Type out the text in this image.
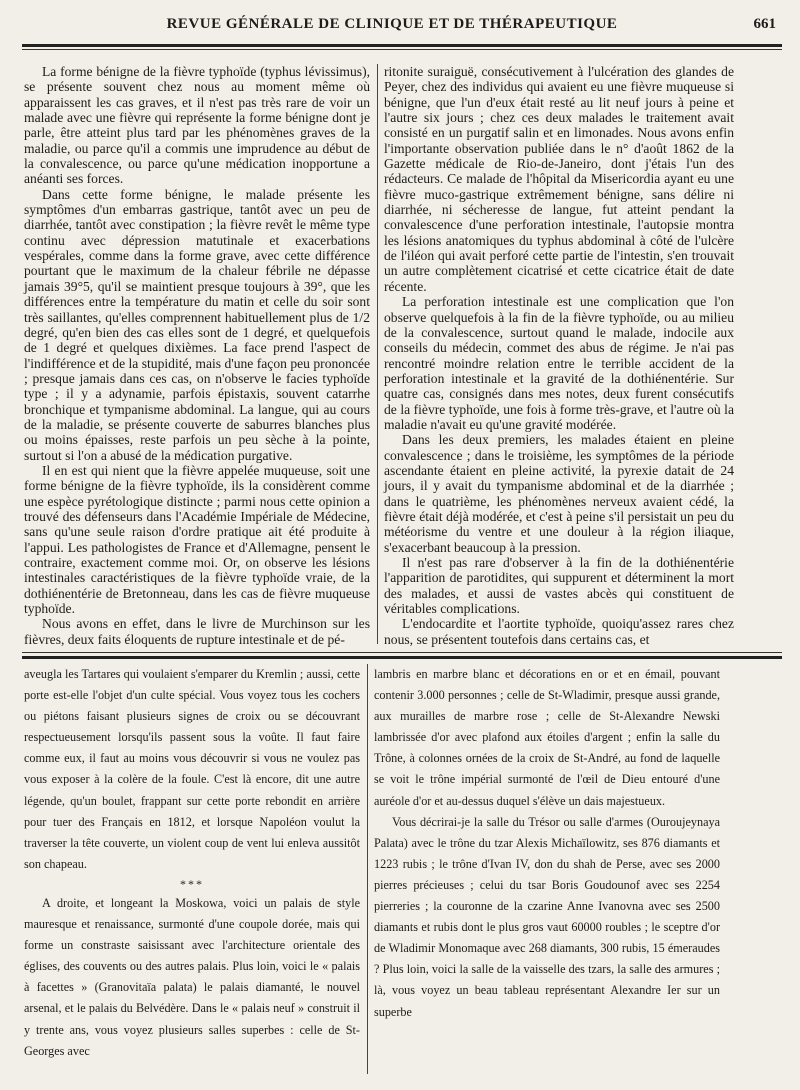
REVUE GÉNÉRALE DE CLINIQUE ET DE THÉRAPEUTIQUE	661

La forme bénigne de la fièvre typhoïde (typhus lévissimus), se présente souvent chez nous au moment même où apparaissent les cas graves, et il n'est pas très rare de voir un malade avec une fièvre qui représente la forme bénigne dont je parle, être atteint plus tard par les phénomènes graves de la maladie, ou parce qu'il a commis une imprudence au début de la convalescence, ou parce qu'une médication inopportune a anéanti ses forces.

Dans cette forme bénigne, le malade présente les symptômes d'un embarras gastrique, tantôt avec un peu de diarrhée, tantôt avec constipation ; la fièvre revêt le même type continu avec dépression matutinale et exacerbations vespérales, comme dans la forme grave, avec cette différence pourtant que le maximum de la chaleur fébrile ne dépasse jamais 39°5, qu'il se maintient presque toujours à 39°, que les différences entre la température du matin et celle du soir sont très saillantes, qu'elles comprennent habituellement plus de 1/2 degré, qu'en bien des cas elles sont de 1 degré, et quelquefois de 1 degré et quelques dixièmes. La face prend l'aspect de l'indifférence et de la stupidité, mais d'une façon peu prononcée ; presque jamais dans ces cas, on n'observe le facies typhoïde type ; il y a adynamie, parfois épistaxis, souvent catarrhe bronchique et tympanisme abdominal. La langue, qui au cours de la maladie, se présente couverte de saburres blanches plus ou moins épaisses, reste parfois un peu sèche à la pointe, surtout si l'on a abusé de la médication purgative.

Il en est qui nient que la fièvre appelée muqueuse, soit une forme bénigne de la fièvre typhoïde, ils la considèrent comme une espèce pyrétologique distincte ; parmi nous cette opinion a trouvé des défenseurs dans l'Académie Impériale de Médecine, sans qu'une seule raison d'ordre pratique ait été produite à l'appui. Les pathologistes de France et d'Allemagne, pensent le contraire, exactement comme moi. Or, on observe les lésions intestinales caractéristiques de la fièvre typhoïde vraie, de la dothiénentérie de Bretonneau, dans les cas de fièvre muqueuse typhoïde.

Nous avons en effet, dans le livre de Murchinson sur les fièvres, deux faits éloquents de rupture intestinale et de pé-

ritonite suraiguë, consécutivement à l'ulcération des glandes de Peyer, chez des individus qui avaient eu une fièvre muqueuse si bénigne, que l'un d'eux était resté au lit neuf jours à peine et l'autre six jours ; chez ces deux malades le traitement avait consisté en un purgatif salin et en limonades. Nous avons enfin l'importante observation publiée dans le n° d'août 1862 de la Gazette médicale de Rio-de-Janeiro, dont j'étais l'un des rédacteurs. Ce malade de l'hôpital da Misericordia ayant eu une fièvre muco-gastrique extrêmement bénigne, sans délire ni diarrhée, ni sécheresse de langue, fut atteint pendant la convalescence d'une perforation intestinale, l'autopsie montra les lésions anatomiques du typhus abdominal à côté de l'ulcère de l'iléon qui avait perforé cette partie de l'intestin, s'en trouvait un autre complètement cicatrisé et cette cicatrice était de date récente.

La perforation intestinale est une complication que l'on observe quelquefois à la fin de la fièvre typhoïde, ou au milieu de la convalescence, surtout quand le malade, indocile aux conseils du médecin, commet des abus de régime. Je n'ai pas rencontré moindre relation entre le terrible accident de la perforation intestinale et la gravité de la dothiénentérie. Sur quatre cas, consignés dans mes notes, deux furent consécutifs de la fièvre typhoïde, une fois à forme très-grave, et l'autre où la maladie n'avait eu qu'une gravité modérée.

Dans les deux premiers, les malades étaient en pleine convalescence ; dans le troisième, les symptômes de la période ascendante étaient en pleine activité, la pyrexie datait de 24 jours, il y avait du tympanisme abdominal et de la diarrhée ; dans le quatrième, les phénomènes nerveux avaient cédé, la fièvre était déjà modérée, et c'est à peine s'il persistait un peu du météorisme du ventre et une douleur à la région iliaque, s'exacerbant beaucoup à la pression.

Il n'est pas rare d'observer à la fin de la dothiénentérie l'apparition de parotidites, qui suppurent et déterminent la mort des malades, et aussi de vastes abcès qui constituent de véritables complications.

L'endocardite et l'aortite typhoïde, quoiqu'assez rares chez nous, se présentent toutefois dans certains cas, et

aveugla les Tartares qui voulaient s'emparer du Kremlin ; aussi, cette porte est-elle l'objet d'un culte spécial. Vous voyez tous les cochers ou piétons faisant plusieurs signes de croix ou se découvrant respectueusement lorsqu'ils passent sous la voûte. Il faut faire comme eux, il faut au moins vous découvrir si vous ne voulez pas vous exposer à la colère de la foule. C'est là encore, dit une autre légende, qu'un boulet, frappant sur cette porte rebondit en arrière pour tuer des Français en 1812, et lorsque Napoléon voulut la traverser la tête couverte, un violent coup de vent lui enleva aussitôt son chapeau.

***

A droite, et longeant la Moskowa, voici un palais de style mauresque et renaissance, surmonté d'une coupole dorée, mais qui forme un constraste saisissant avec l'architecture orientale des églises, des couvents ou des autres palais. Plus loin, voici le « palais à facettes » (Granovitaïa palata) le palais diamanté, le nouvel arsenal, et le palais du Belvédère. Dans le « palais neuf » construit il y trente ans, vous voyez plusieurs salles superbes : celle de St-Georges avec

lambris en marbre blanc et décorations en or et en émail, pouvant contenir 3.000 personnes ; celle de St-Wladimir, presque aussi grande, aux murailles de marbre rose ; celle de St-Alexandre Newski lambrissée d'or avec plafond aux étoiles d'argent ; enfin la salle du Trône, à colonnes ornées de la croix de St-André, au fond de laquelle se voit le trône impérial surmonté de l'œil de Dieu entouré d'une auréole d'or et au-dessus duquel s'élève un dais majestueux.

Vous décrirai-je la salle du Trésor ou salle d'armes (Ouroujeynaya Palata) avec le trône du tzar Alexis Michaïlowitz, ses 876 diamants et 1223 rubis ; le trône d'Ivan IV, don du shah de Perse, avec ses 2000 pierres précieuses ; celui du tsar Boris Goudounof avec ses 2254 pierreries ; la couronne de la czarine Anne Ivanovna avec ses 2500 diamants et rubis dont le plus gros vaut 60000 roubles ; le sceptre d'or de Wladimir Monomaque avec 268 diamants, 300 rubis, 15 émeraudes ? Plus loin, voici la salle de la vaisselle des tzars, la salle des armures ; là, vous voyez un beau tableau représentant Alexandre Ier sur un superbe
